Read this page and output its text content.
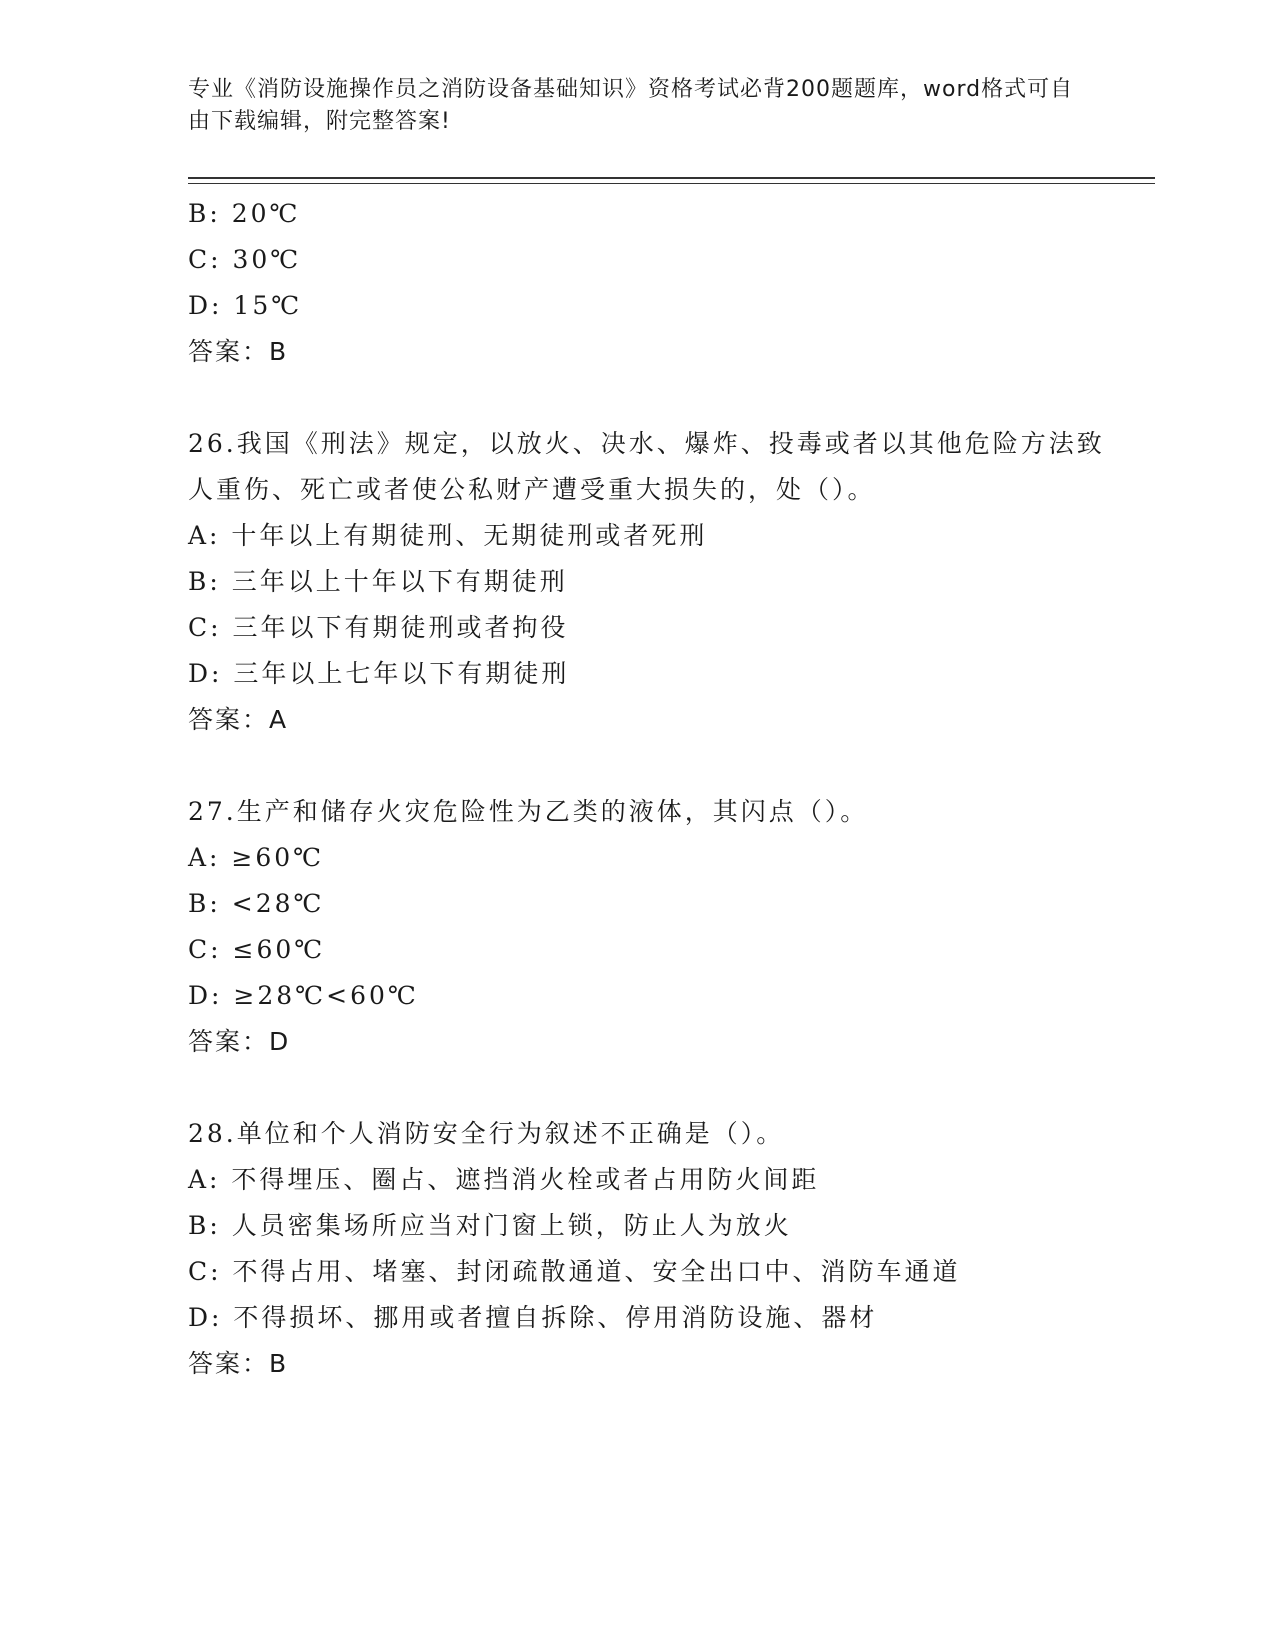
专业《消防设施操作员之消防设备基础知识》资格考试必背200题题库，word格式可自由下载编辑，附完整答案!
B: 20℃
C: 30℃
D: 15℃
答案：B
26.我国《刑法》规定，以放火、决水、爆炸、投毒或者以其他危险方法致人重伤、死亡或者使公私财产遭受重大损失的，处（）。
A: 十年以上有期徒刑、无期徒刑或者死刑
B: 三年以上十年以下有期徒刑
C: 三年以下有期徒刑或者拘役
D: 三年以上七年以下有期徒刑
答案：A
27.生产和储存火灾危险性为乙类的液体，其闪点（）。
A: ≥60℃
B: <28℃
C: ≤60℃
D: ≥28℃<60℃
答案：D
28.单位和个人消防安全行为叙述不正确是（）。
A: 不得埋压、圈占、遮挡消火栓或者占用防火间距
B: 人员密集场所应当对门窗上锁，防止人为放火
C: 不得占用、堵塞、封闭疏散通道、安全出口中、消防车通道
D: 不得损坏、挪用或者擅自拆除、停用消防设施、器材
答案：B
